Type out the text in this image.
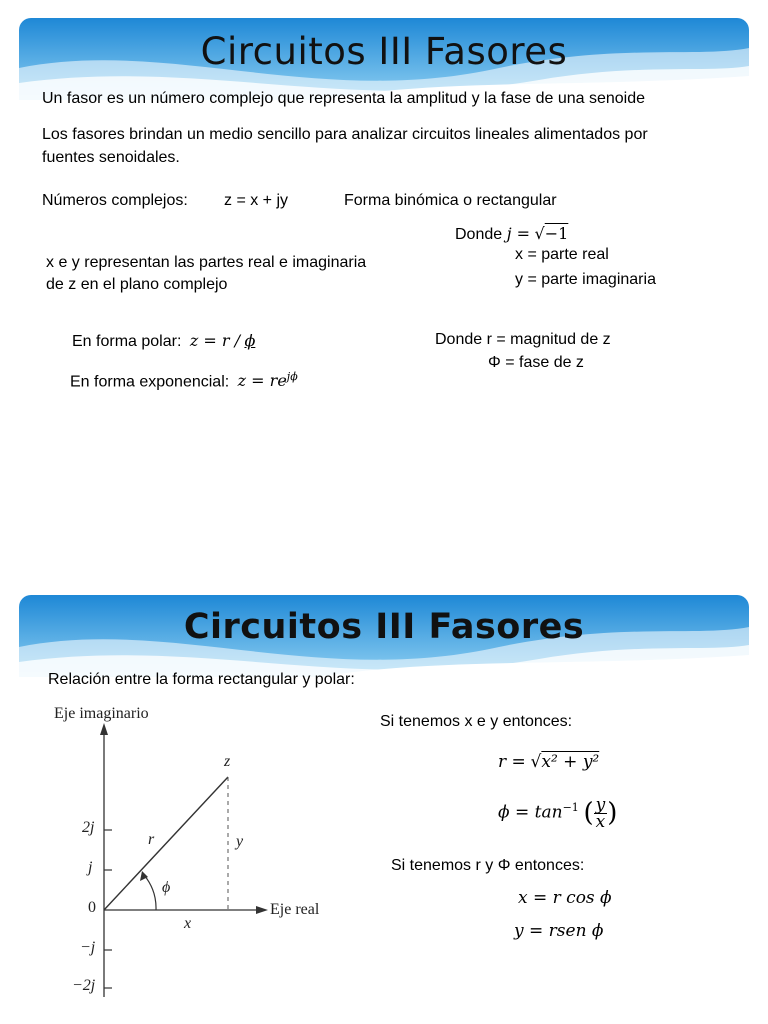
Circuitos III Fasores
Un fasor es un número complejo que representa la amplitud y la fase de una senoide
Los fasores brindan un medio sencillo para analizar circuitos lineales alimentados por
fuentes senoidales.
Números complejos: z = x + jy	Forma binómica o rectangular
Donde j = √−1
x = parte real
y = parte imaginaria
x e y representan las partes real e imaginaria
de z en el plano complejo
En forma polar: z = r / ϕ
En forma exponencial: $z = re^{j\phi}$
Donde r = magnitud de z
Φ = fase de z
Circuitos III Fasores
Relación entre la forma rectangular y polar:
Eje imaginario
Eje real
z
r	y
x
ϕ
2j
j
0
−j
−2j
Si tenemos x e y entonces:
r = √x² + y²
$\phi = \tan^{-1}$ ( $\frac{y}{x}$ )
Si tenemos r y Φ entonces:
x = r cos ϕ
y = rsen ϕ
